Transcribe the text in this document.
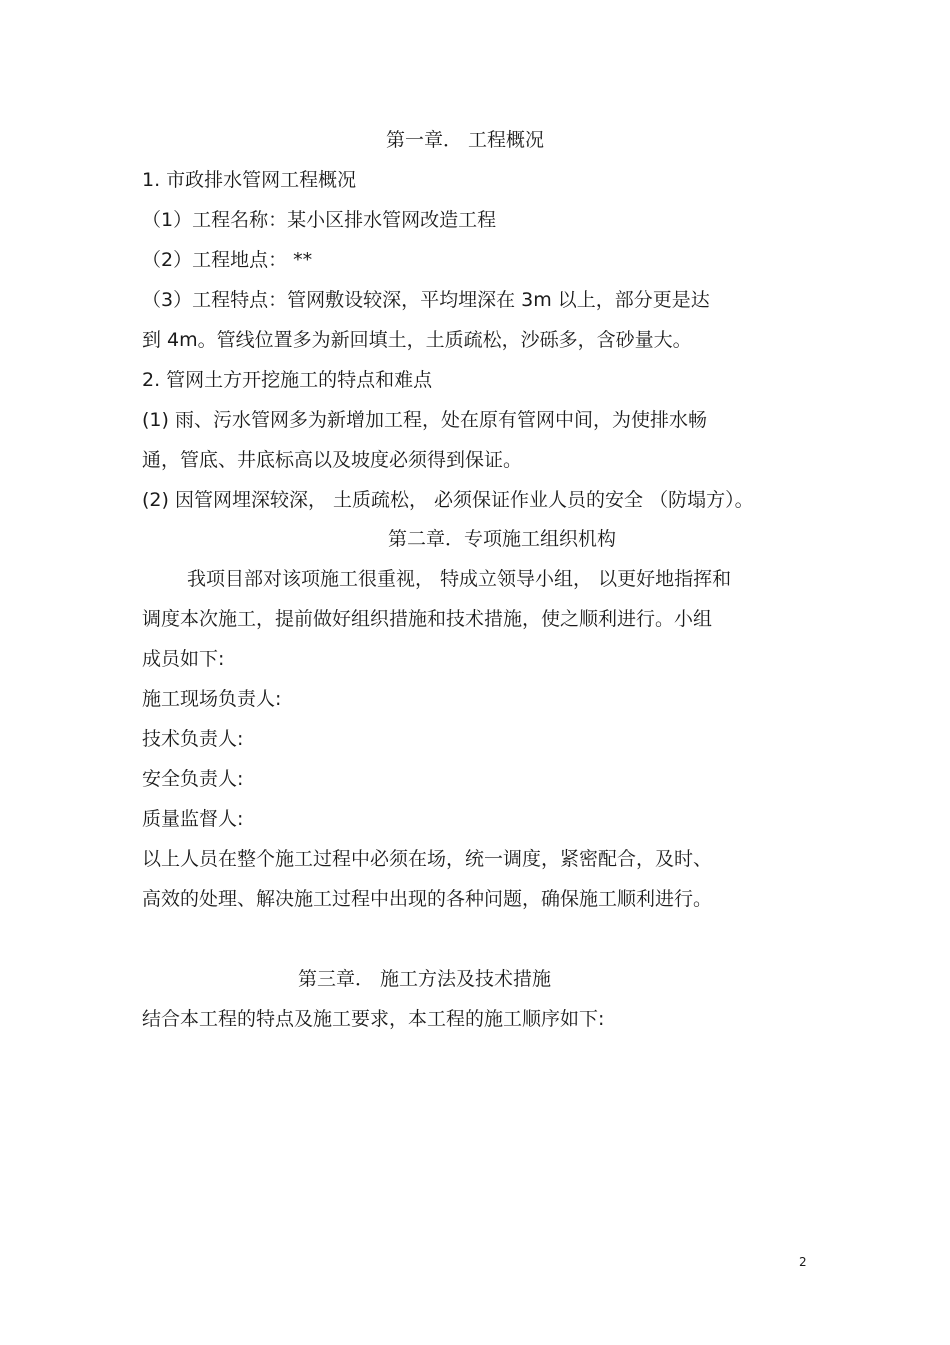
第一章． 工程概况

1. 市政排水管网工程概况

（1）工程名称：某小区排水管网改造工程

（2）工程地点： **

（3）工程特点：管网敷设较深，平均埋深在 3m 以上，部分更是达

到 4m。管线位置多为新回填土，土质疏松，沙砾多，含砂量大。

2. 管网土方开挖施工的特点和难点

(1) 雨、污水管网多为新增加工程，处在原有管网中间，为使排水畅

通，管底、井底标高以及坡度必须得到保证。

(2) 因管网埋深较深， 土质疏松， 必须保证作业人员的安全 （防塌方）。

第二章．专项施工组织机构

我项目部对该项施工很重视， 特成立领导小组， 以更好地指挥和

调度本次施工，提前做好组织措施和技术措施，使之顺利进行。小组

成员如下:

施工现场负责人:

技术负责人:

安全负责人:

质量监督人:

以上人员在整个施工过程中必须在场，统一调度，紧密配合，及时、

高效的处理、解决施工过程中出现的各种问题，确保施工顺利进行。

第三章． 施工方法及技术措施

结合本工程的特点及施工要求，本工程的施工顺序如下:

2
